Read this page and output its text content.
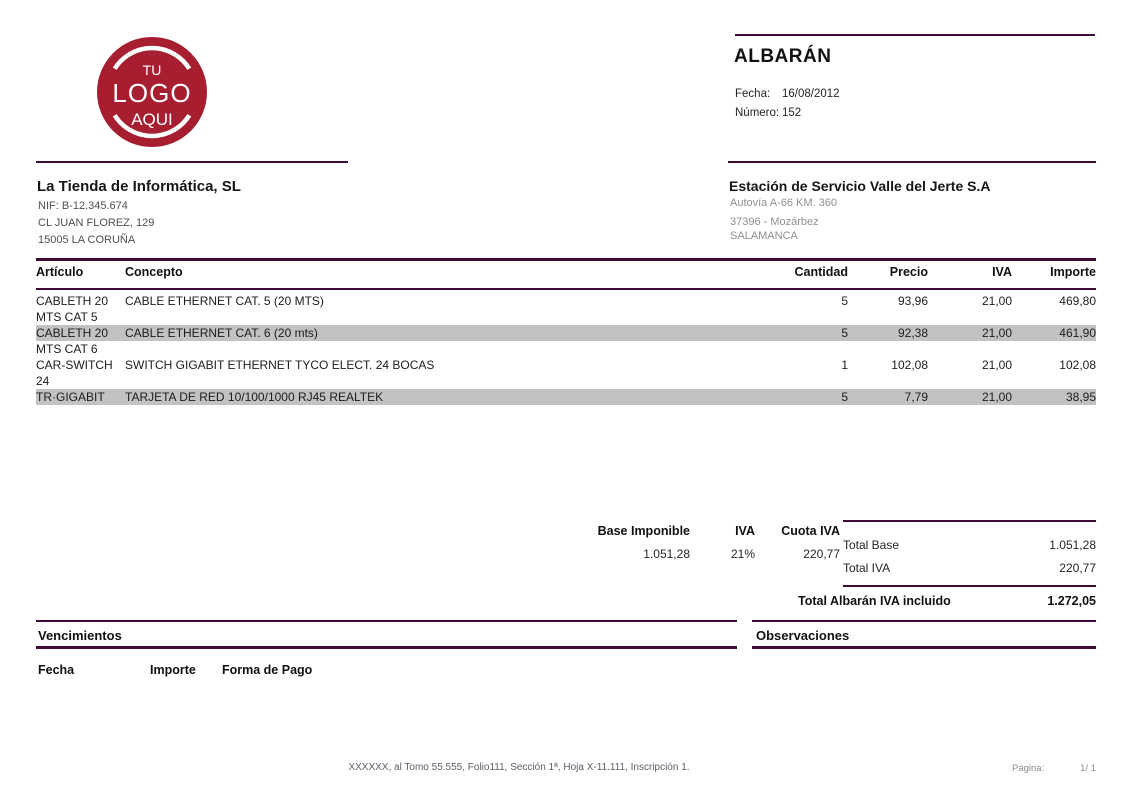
TU
LOGO
AQUI
ALBARÁN
Fecha: 16/08/2012
Número: 152
La Tienda de Informática, SL
NIF: B-12.345.674
CL JUAN FLOREZ, 129
15005 LA CORUÑA
Estación de Servicio Valle del Jerte S.A
Autovía A-66 KM. 360
37396 - Mozárbez
SALAMANCA
Artículo	Concepto	Cantidad	Precio	IVA	Importe
CABLETH 20	CABLE ETHERNET CAT. 5 (20 MTS)	5	93,96	21,00	469,80
MTS CAT 5
CABLETH 20	CABLE ETHERNET CAT. 6 (20 mts)	5	92,38	21,00	461,90
MTS CAT 6
CAR-SWITCH	SWITCH GIGABIT ETHERNET TYCO ELECT. 24 BOCAS	1	102,08	21,00	102,08
24
TR·GIGABIT	TARJETA DE RED 10/100/1000 RJ45 REALTEK	5	7,79	21,00	38,95
Base Imponible	IVA	Cuota IVA
1.051,28	21%	220,77
Total Base	1.051,28
Total IVA	220,77
Total Albarán IVA incluido	1.272,05
Vencimientos
Fecha	Importe Forma de Pago
Observaciones
XXXXXX, al Tomo 55.555, Folio111, Sección 1ª, Hoja X-11.111, Inscripción 1.	Página:	1/ 1
